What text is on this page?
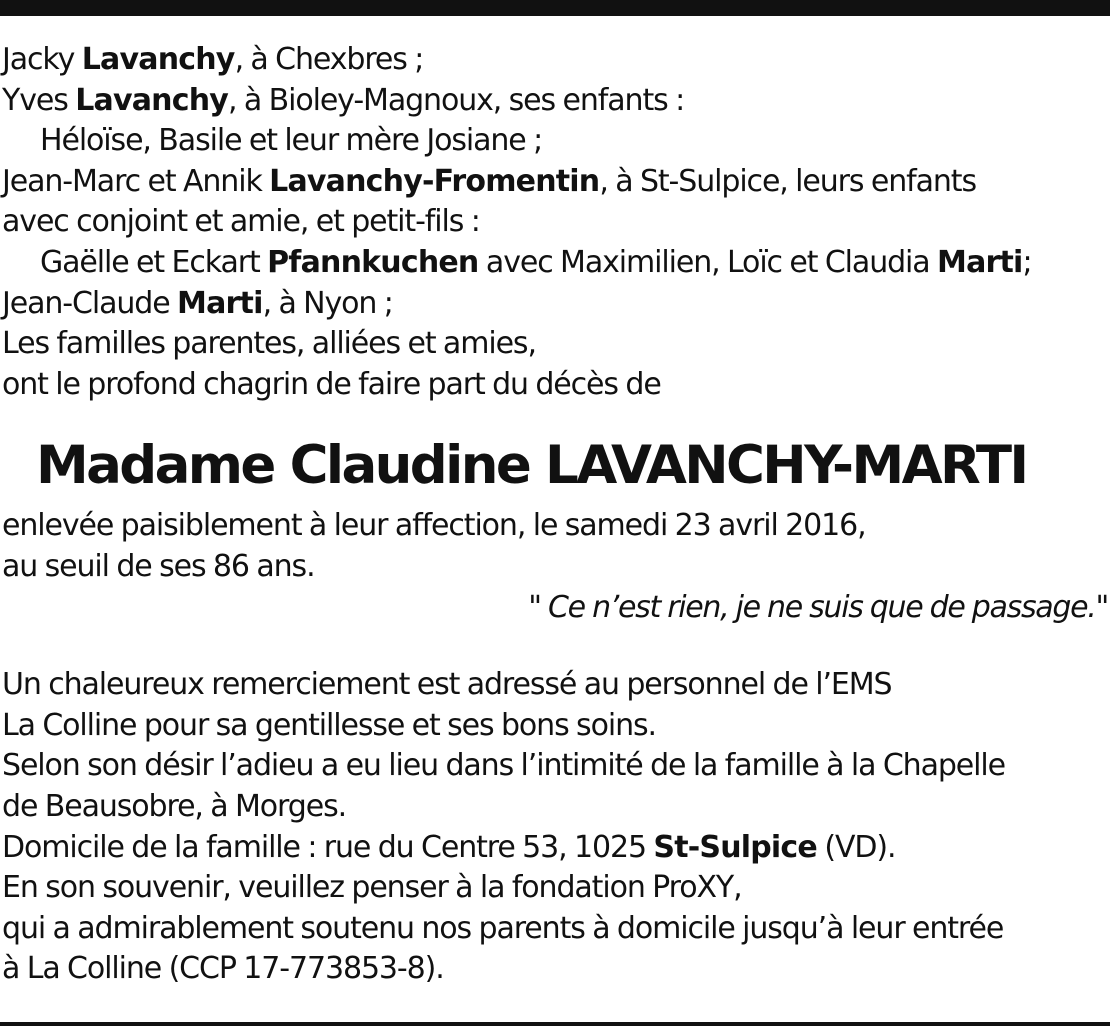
Jacky Lavanchy, à Chexbres ;
Yves Lavanchy, à Bioley-Magnoux, ses enfants :
Héloïse, Basile et leur mère Josiane ;
Jean-Marc et Annik Lavanchy-Fromentin, à St-Sulpice, leurs enfants
avec conjoint et amie, et petit-fils :
Gaëlle et Eckart Pfannkuchen avec Maximilien, Loïc et Claudia Marti;
Jean-Claude Marti, à Nyon ;
Les familles parentes, alliées et amies,
ont le profond chagrin de faire part du décès de
Madame Claudine LAVANCHY-MARTI
enlevée paisiblement à leur affection, le samedi 23 avril 2016,
au seuil de ses 86 ans.
" Ce n’est rien, je ne suis que de passage."
Un chaleureux remerciement est adressé au personnel de l’EMS
La Colline pour sa gentillesse et ses bons soins.
Selon son désir l’adieu a eu lieu dans l’intimité de la famille à la Chapelle
de Beausobre, à Morges.
Domicile de la famille : rue du Centre 53, 1025 St-Sulpice (VD).
En son souvenir, veuillez penser à la fondation ProXY,
qui a admirablement soutenu nos parents à domicile jusqu’à leur entrée
à La Colline (CCP 17-773853-8).
